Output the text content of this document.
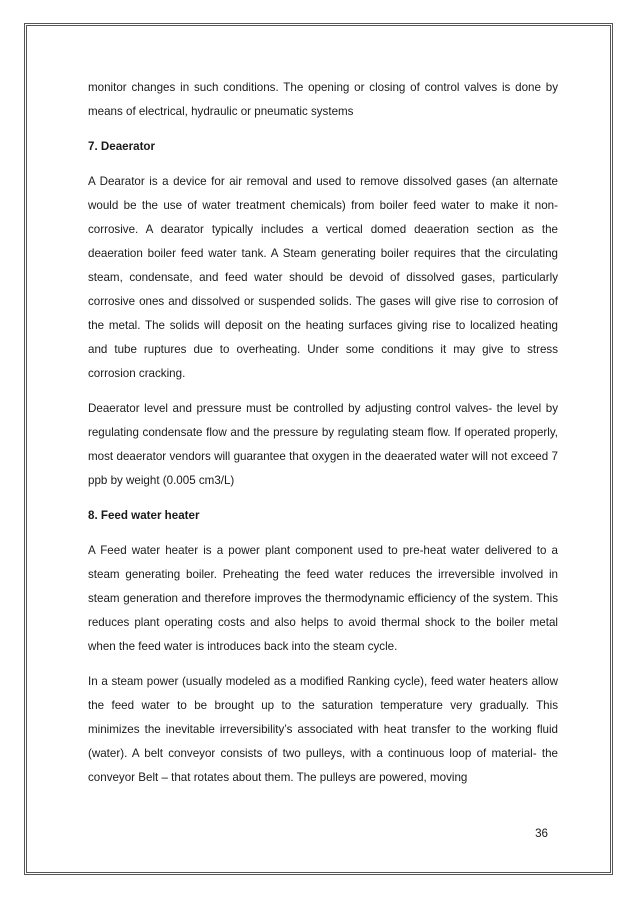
monitor changes in such conditions. The opening or closing of control valves is done by means of electrical, hydraulic or pneumatic systems

7. Deaerator

A Dearator is a device for air removal and used to remove dissolved gases (an alternate would be the use of water treatment chemicals) from boiler feed water to make it non-corrosive. A dearator typically includes a vertical domed deaeration section as the deaeration boiler feed water tank. A Steam generating boiler requires that the circulating steam, condensate, and feed water should be devoid of dissolved gases, particularly corrosive ones and dissolved or suspended solids. The gases will give rise to corrosion of the metal. The solids will deposit on the heating surfaces giving rise to localized heating and tube ruptures due to overheating. Under some conditions it may give to stress corrosion cracking.

Deaerator level and pressure must be controlled by adjusting control valves- the level by regulating condensate flow and the pressure by regulating steam flow. If operated properly, most deaerator vendors will guarantee that oxygen in the deaerated water will not exceed 7 ppb by weight (0.005 cm3/L)

8. Feed water heater

A Feed water heater is a power plant component used to pre-heat water delivered to a steam generating boiler. Preheating the feed water reduces the irreversible involved in steam generation and therefore improves the thermodynamic efficiency of the system. This reduces plant operating costs and also helps to avoid thermal shock to the boiler metal when the feed water is introduces back into the steam cycle.

In a steam power (usually modeled as a modified Ranking cycle), feed water heaters allow the feed water to be brought up to the saturation temperature very gradually. This minimizes the inevitable irreversibility’s associated with heat transfer to the working fluid (water). A belt conveyor consists of two pulleys, with a continuous loop of material- the conveyor Belt – that rotates about them. The pulleys are powered, moving

36
